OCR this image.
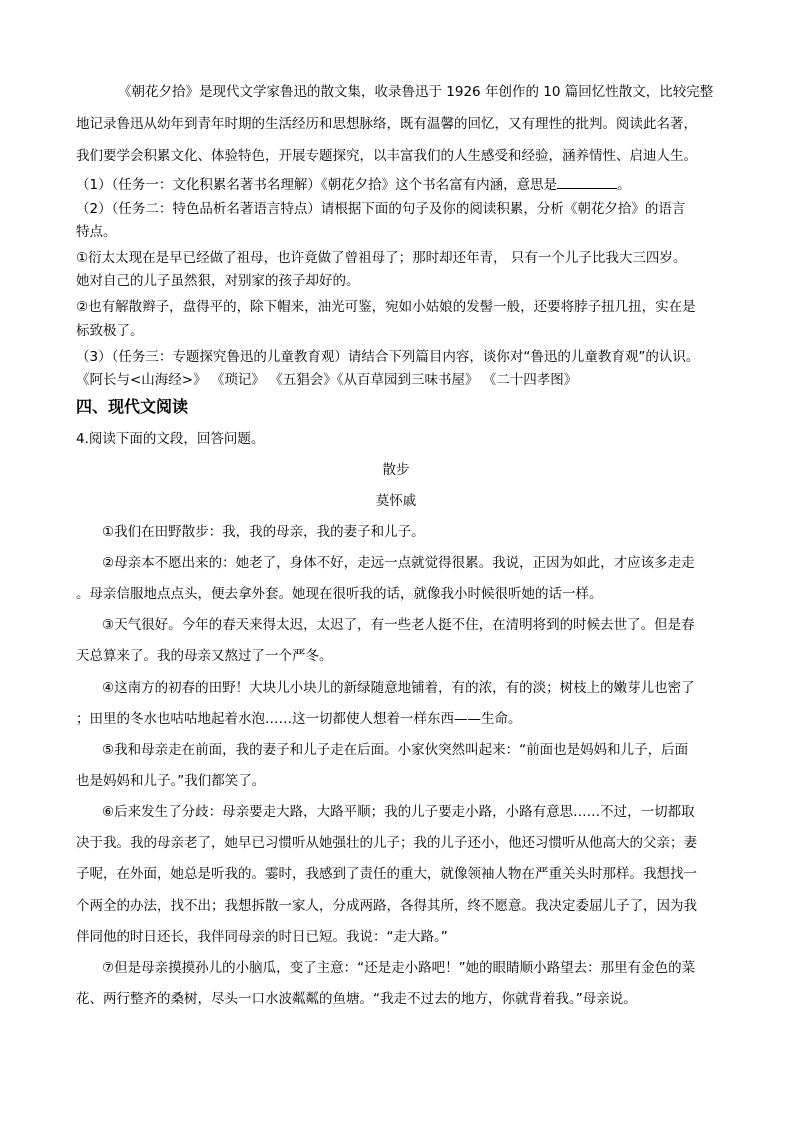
《朝花夕拾》是现代文学家鲁迅的散文集，收录鲁迅于 1926 年创作的 10 篇回忆性散文，比较完整
地记录鲁迅从幼年到青年时期的生活经历和思想脉络，既有温馨的回忆，又有理性的批判。阅读此名著，
我们要学会积累文化、体验特色，开展专题探究，以丰富我们的人生感受和经验，涵养情性、启迪人生。
（1）（任务一：文化积累名著书名理解）《朝花夕拾》这个书名富有内涵，意思是	。
（2）（任务二：特色品析名著语言特点）请根据下面的句子及你的阅读积累，分析《朝花夕拾》的语言
特点。
①衍太太现在是早已经做了祖母，也许竟做了曾祖母了；那时却还年青， 只有一个儿子比我大三四岁。
她对自己的儿子虽然狠，对别家的孩子却好的。
②也有解散辫子，盘得平的，除下帽来，油光可鉴，宛如小姑娘的发髻一般，还要将脖子扭几扭，实在是
标致极了。
（3）（任务三：专题探究鲁迅的儿童教育观）请结合下列篇目内容，谈你对“鲁迅的儿童教育观”的认识。
《阿长与<山海经>》 《琐记》 《五猖会》《从百草园到三味书屋》 《二十四孝图》
四、现代文阅读
4.阅读下面的文段，回答问题。
散步
莫怀戚
①我们在田野散步：我，我的母亲，我的妻子和儿子。
②母亲本不愿出来的：她老了，身体不好，走远一点就觉得很累。我说，正因为如此，才应该多走走
。母亲信服地点点头，便去拿外套。她现在很听我的话，就像我小时候很听她的话一样。
③天气很好。今年的春天来得太迟，太迟了，有一些老人挺不住，在清明将到的时候去世了。但是春
天总算来了。我的母亲又熬过了一个严冬。
④这南方的初春的田野！大块儿小块儿的新绿随意地铺着，有的浓，有的淡；树枝上的嫩芽儿也密了
；田里的冬水也咕咕地起着水泡……这一切都使人想着一样东西——生命。
⑤我和母亲走在前面，我的妻子和儿子走在后面。小家伙突然叫起来：“前面也是妈妈和儿子，后面
也是妈妈和儿子。”我们都笑了。
⑥后来发生了分歧：母亲要走大路，大路平顺；我的儿子要走小路，小路有意思……不过，一切都取
决于我。我的母亲老了，她早已习惯听从她强壮的儿子；我的儿子还小，他还习惯听从他高大的父亲；妻
子呢，在外面，她总是听我的。霎时，我感到了责任的重大，就像领袖人物在严重关头时那样。我想找一
个两全的办法，找不出；我想拆散一家人，分成两路，各得其所，终不愿意。我决定委屈儿子了，因为我
伴同他的时日还长，我伴同母亲的时日已短。我说：“走大路。”
⑦但是母亲摸摸孙儿的小脑瓜，变了主意：“还是走小路吧！”她的眼睛顺小路望去：那里有金色的菜
花、两行整齐的桑树，尽头一口水波粼粼的鱼塘。“我走不过去的地方，你就背着我。”母亲说。
